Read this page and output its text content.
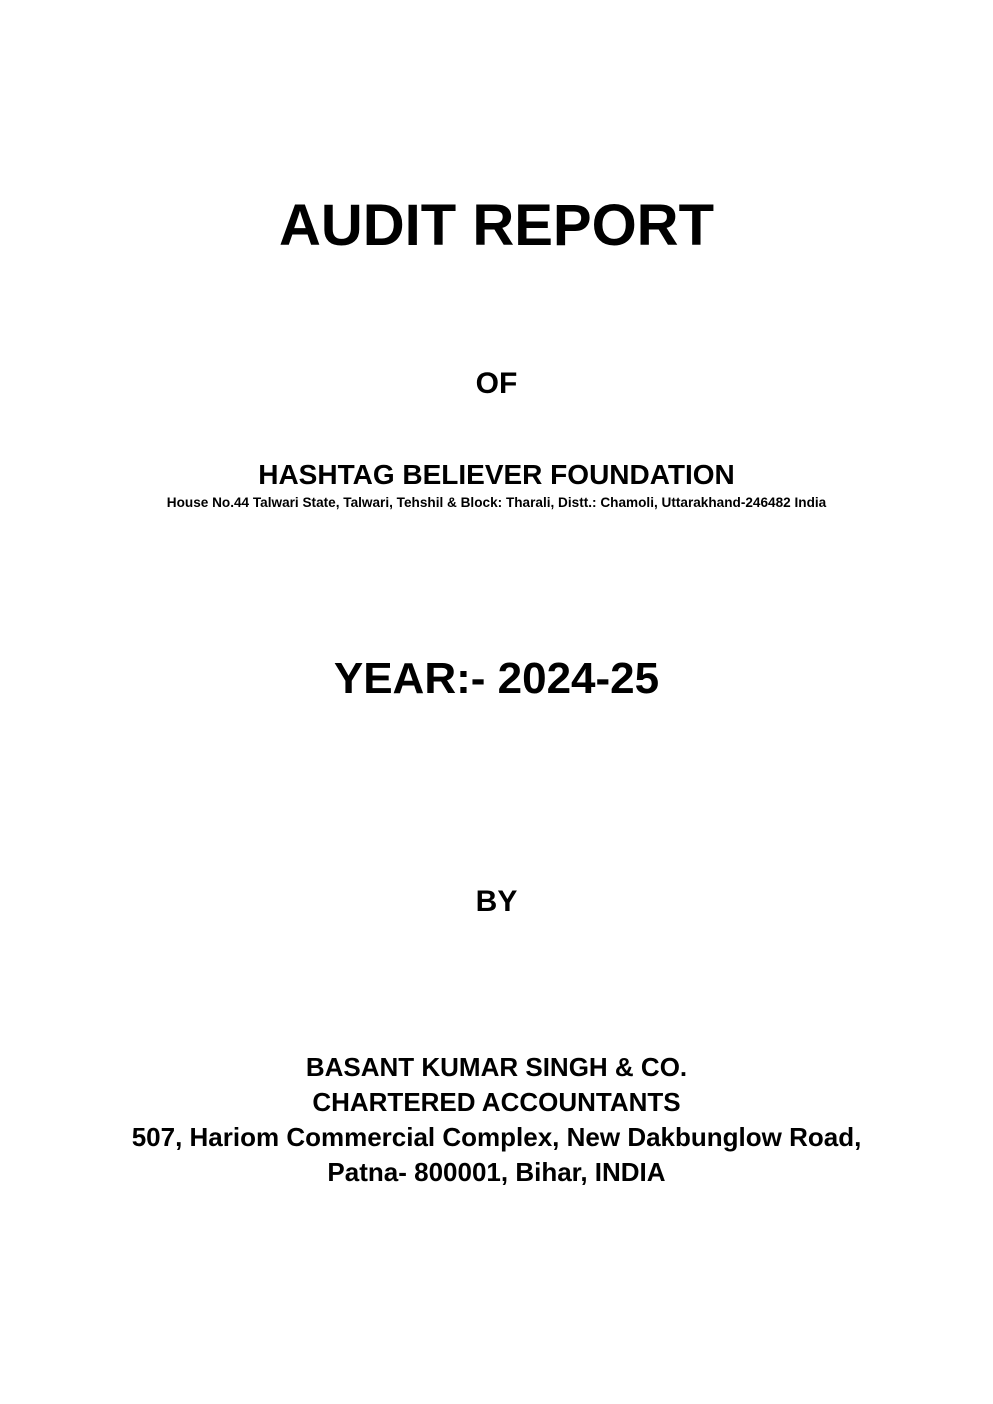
AUDIT REPORT
OF
HASHTAG BELIEVER FOUNDATION
House No.44 Talwari State, Talwari, Tehshil & Block: Tharali, Distt.: Chamoli, Uttarakhand-246482 India
YEAR:- 2024-25
BY
BASANT KUMAR SINGH & CO.
CHARTERED ACCOUNTANTS
507, Hariom Commercial Complex, New Dakbunglow Road,
Patna- 800001, Bihar, INDIA
